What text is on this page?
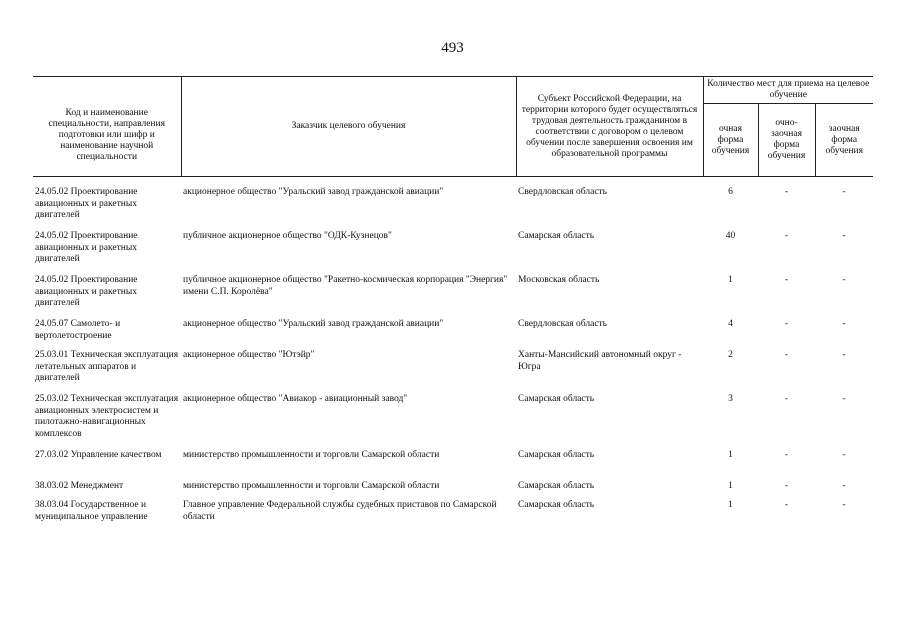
493
Код и наименование специальности, направления подготовки или шифр и наименование научной специальности	Заказчик целевого обучения	Субъект Российской Федерации, на территории которого будет осуществляться трудовая деятельность гражданином в соответствии с договором о целевом обучении после завершения освоения им образовательной программы	Количество мест для приема на целевое обучение		
			очная форма обучения	очно-заочная форма обучения	заочная форма обучения

24.05.02 Проектирование авиационных и ракетных двигателей	акционерное общество "Уральский завод гражданской авиации"	Свердловская область	6	-	-
24.05.02 Проектирование авиационных и ракетных двигателей	публичное акционерное общество "ОДК-Кузнецов"	Самарская область	40	-	-
24.05.02 Проектирование авиационных и ракетных двигателей	публичное акционерное общество "Ракетно-космическая корпорация "Энергия" имени С.П. Королёва"	Московская область	1	-	-
24.05.07 Самолето- и вертолетостроение	акционерное общество "Уральский завод гражданской авиации"	Свердловская область	4	-	-
25.03.01 Техническая эксплуатация летательных аппаратов и двигателей	акционерное общество "Ютэйр"	Ханты-Мансийский автономный округ - Югра	2	-	-
25.03.02 Техническая эксплуатация авиационных электросистем и пилотажно-навигационных комплексов	акционерное общество "Авиакор - авиационный завод"	Самарская область	3	-	-
27.03.02 Управление качеством	министерство промышленности и торговли Самарской области	Самарская область	1	-	-
38.03.02 Менеджмент	министерство промышленности и торговли Самарской области	Самарская область	1	-	-
38.03.04 Государственное и муниципальное управление	Главное управление Федеральной службы судебных приставов по Самарской области	Самарская область	1	-	-
